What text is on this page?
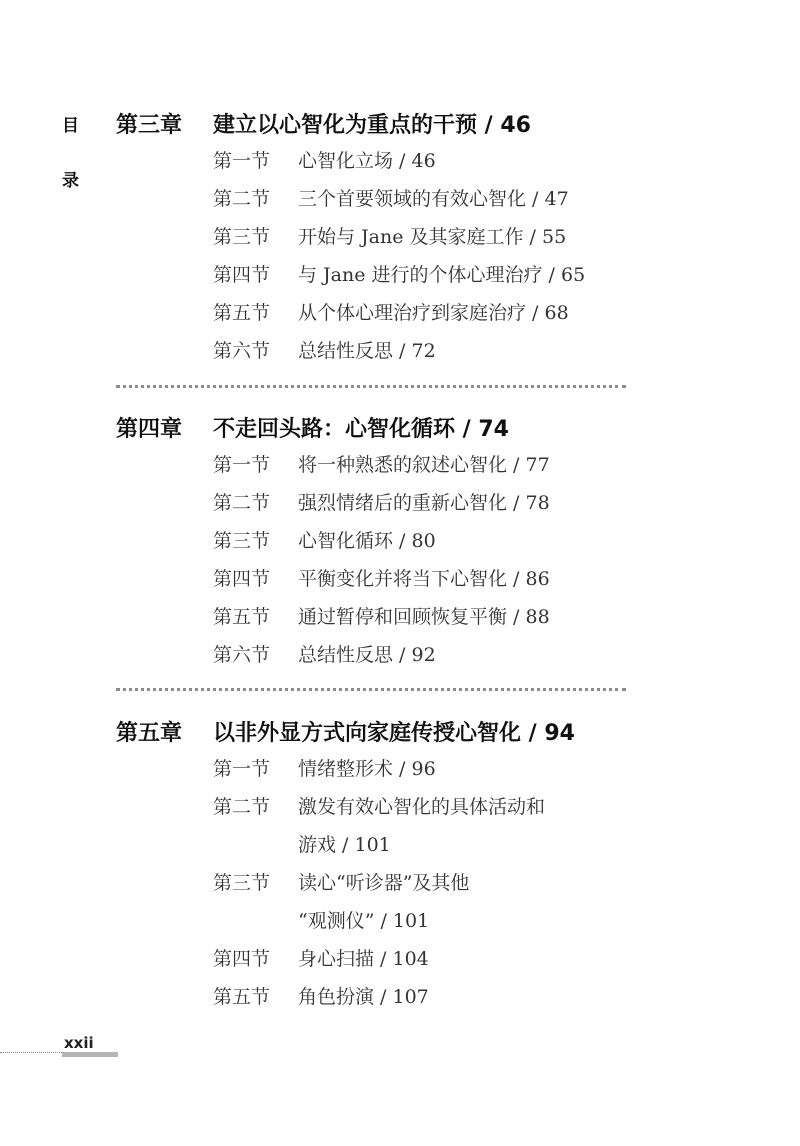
目
录
第三章 建立以心智化为重点的干预 / 46
第一节 心智化立场 / 46
第二节 三个首要领域的有效心智化 / 47
第三节 开始与 Jane 及其家庭工作 / 55
第四节 与 Jane 进行的个体心理治疗 / 65
第五节 从个体心理治疗到家庭治疗 / 68
第六节 总结性反思 / 72
第四章 不走回头路：心智化循环 / 74
第一节 将一种熟悉的叙述心智化 / 77
第二节 强烈情绪后的重新心智化 / 78
第三节 心智化循环 / 80
第四节 平衡变化并将当下心智化 / 86
第五节 通过暂停和回顾恢复平衡 / 88
第六节 总结性反思 / 92
第五章 以非外显方式向家庭传授心智化 / 94
第一节 情绪整形术 / 96
第二节 激发有效心智化的具体活动和
游戏 / 101
第三节 读心“听诊器”及其他
“观测仪” / 101
第四节 身心扫描 / 104
第五节 角色扮演 / 107
xxii
